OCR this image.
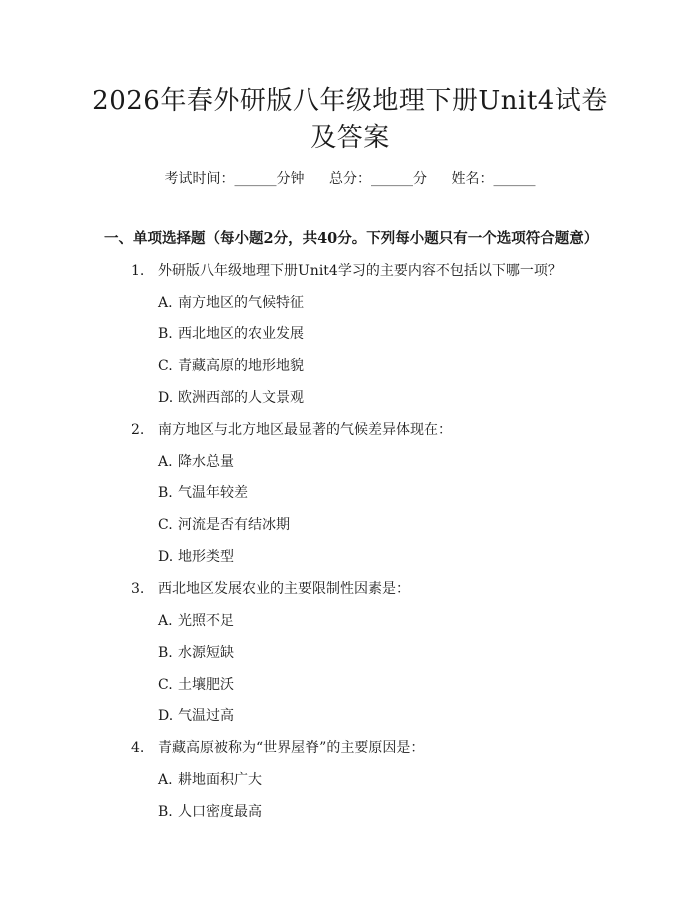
2026年春外研版八年级地理下册Unit4试卷
及答案
考试时间：______分钟 总分：______分 姓名：______
一、单项选择题（每小题2分，共40分。下列每小题只有一个选项符合题意）
1. 外研版八年级地理下册Unit4学习的主要内容不包括以下哪一项？
A. 南方地区的气候特征
B. 西北地区的农业发展
C. 青藏高原的地形地貌
D. 欧洲西部的人文景观
2. 南方地区与北方地区最显著的气候差异体现在：
A. 降水总量
B. 气温年较差
C. 河流是否有结冰期
D. 地形类型
3. 西北地区发展农业的主要限制性因素是：
A. 光照不足
B. 水源短缺
C. 土壤肥沃
D. 气温过高
4. 青藏高原被称为“世界屋脊”的主要原因是：
A. 耕地面积广大
B. 人口密度最高
